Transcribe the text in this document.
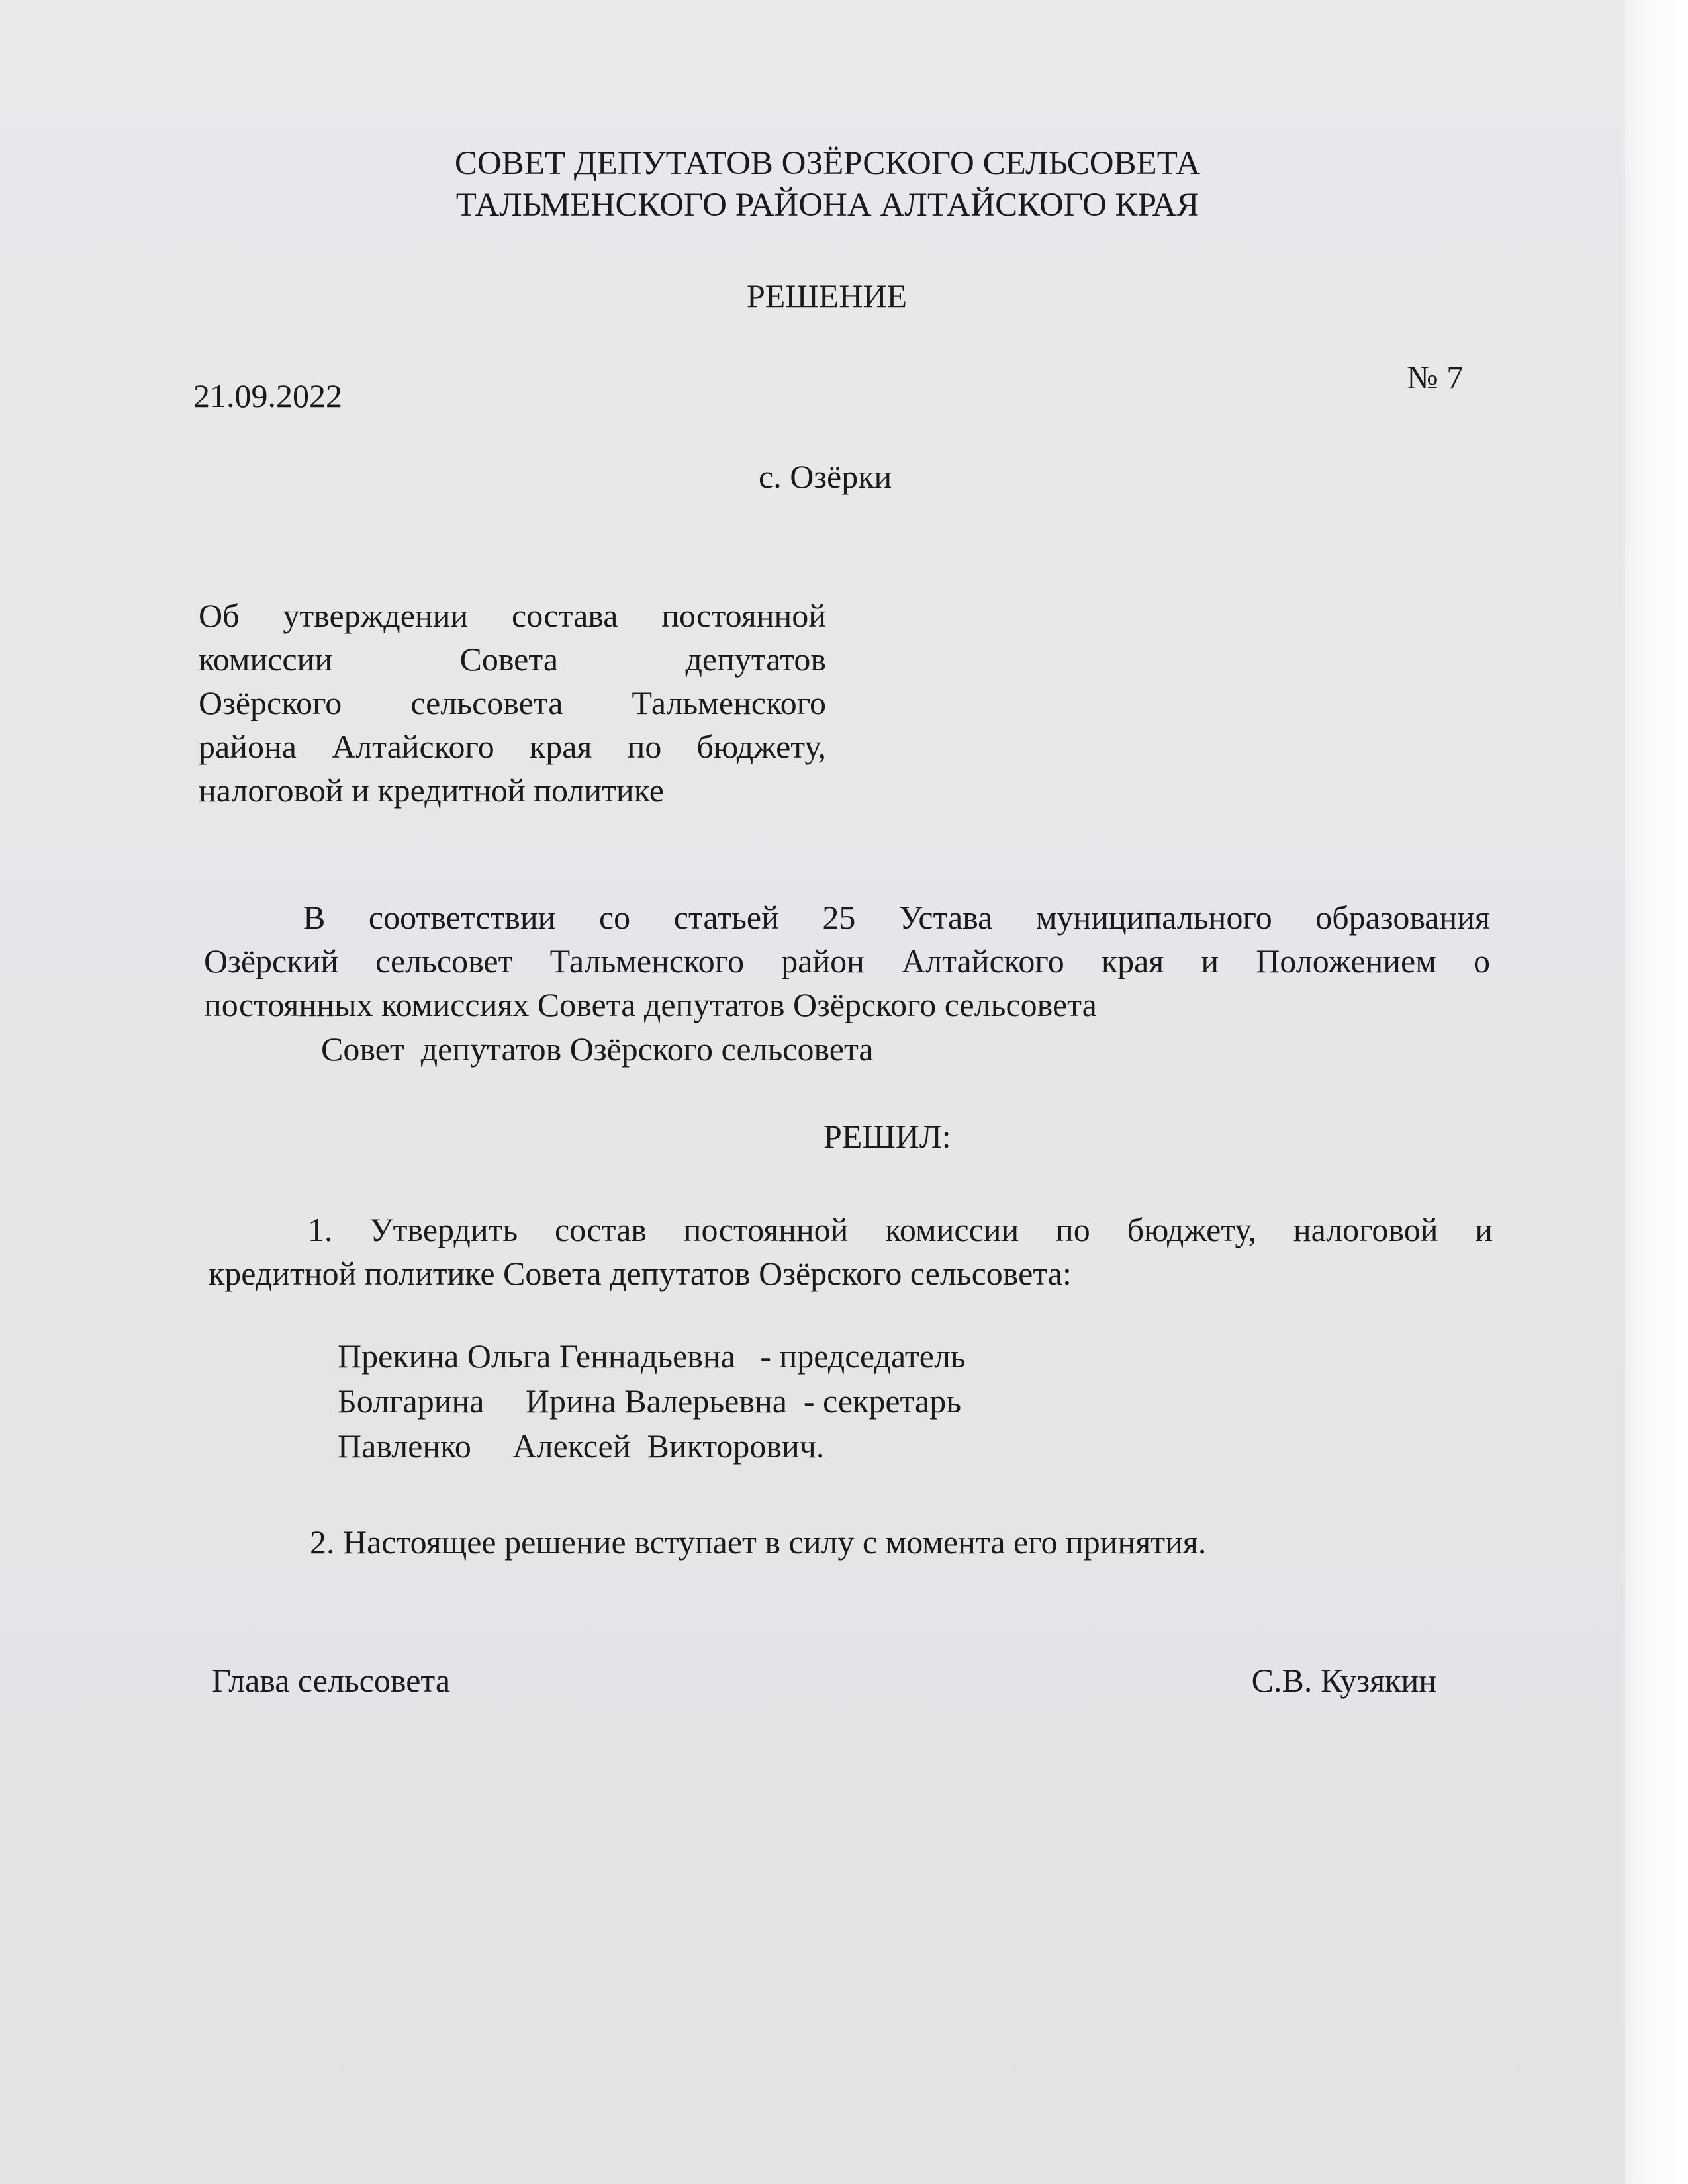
СОВЕТ ДЕПУТАТОВ ОЗЁРСКОГО СЕЛЬСОВЕТА

ТАЛЬМЕНСКОГО РАЙОНА АЛТАЙСКОГО КРАЯ

РЕШЕНИЕ

21.09.2022	№ 7

с. Озёрки

Об утверждении состава постоянной
комиссии Совета депутатов
Озёрского сельсовета Тальменского
района Алтайского края по бюджету,
налоговой и кредитной политике
В соответствии со статьей 25 Устава муниципального образования
Озёрский сельсовет Тальменского район Алтайского края и Положением о
постоянных комиссиях Совета депутатов Озёрского сельсовета

Совет  депутатов Озёрского сельсовета

РЕШИЛ:

1. Утвердить состав постоянной комиссии по бюджету, налоговой и
кредитной политике Совета депутатов Озёрского сельсовета:
Прекина Ольга Геннадьевна   - председатель
Болгарина     Ирина Валерьевна  - секретарь
Павленко     Алексей  Викторович.

2. Настоящее решение вступает в силу с момента его принятия.

Глава сельсовета	С.В. Кузякин
